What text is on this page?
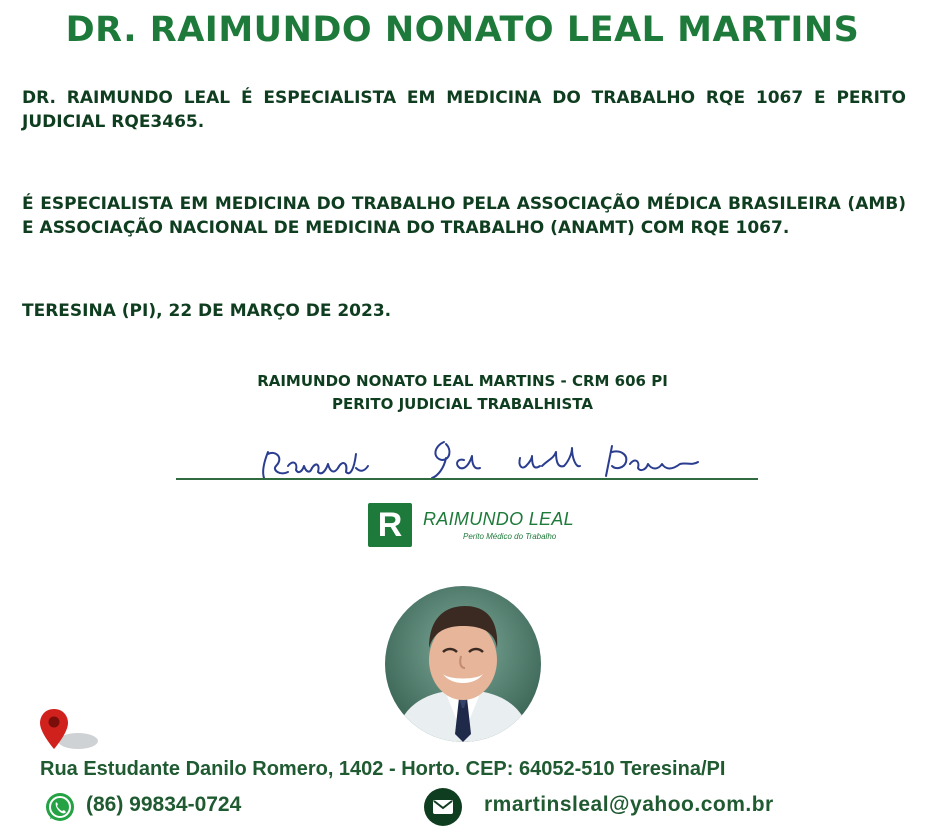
DR. RAIMUNDO NONATO LEAL MARTINS
DR. RAIMUNDO LEAL É ESPECIALISTA EM MEDICINA DO TRABALHO RQE 1067 E PERITO JUDICIAL RQE3465.
É ESPECIALISTA EM MEDICINA DO TRABALHO PELA ASSOCIAÇÃO MÉDICA BRASILEIRA (AMB) E ASSOCIAÇÃO NACIONAL DE MEDICINA DO TRABALHO (ANAMT) COM RQE 1067.
TERESINA (PI), 22 DE MARÇO DE 2023.
RAIMUNDO NONATO LEAL MARTINS - CRM 606 PI
PERITO JUDICIAL TRABALHISTA
R	RAIMUNDO LEAL
Perito Médico do Trabalho
Rua Estudante Danilo Romero, 1402 - Horto. CEP: 64052-510 Teresina/PI
(86) 99834-0724	rmartinsleal@yahoo.com.br
